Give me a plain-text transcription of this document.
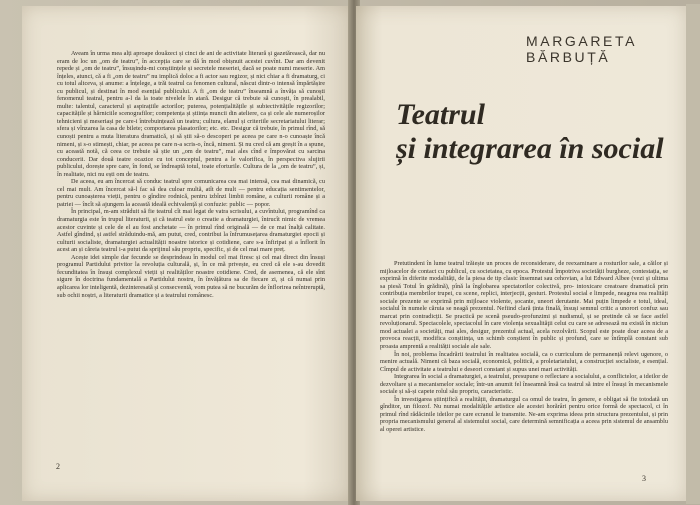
Aveam în urma mea alți aproape douăzeci și cinci de ani de activitate literară și gazetărească, dar nu eram de loc un „om de teatru”, în accepția care se dă în mod obișnuit acestei cuvînt. Dar am devenit repede și „om de teatru”, însușindu-mi conștiințele și secretele meseriei, dacă se poate numi meserie. Am înțeles, atunci, că a fi „om de teatru” nu implică doloc a fi actor sau regizor, și nici chiar a fi dramaturg, ci cu totul altceva, și anume: a înțelege, a trăi teatrul ca fenomen cultural, născut dintr-o intensă împărtășire cu publicul, și destinat în mod esențial publicului. A fi „om de teatru” înseamnă a învăța să cunoști fenomenul teatral, pentru a-l da la toate nivelele în atară. Desigur că trebuie să cunoști, în prealabil, multe: talentul, caracterul și aspirațiile actorilor; puterea, potențialitățile și subiectivitățile regizorilor; capacitățile și hărniciile scenografilor; competența și știința muncii din ateliere, ca și cele ale numeroșilor tehnicieni și meseriași pe care-i întrebuințează un teatru; cultura, elanul și criteriile secretariatului literar; sfera și vînzarea la casa de bilete; comportarea plasatorilor; etc. etc. Desigur că trebuie, în primul rînd, să cunoști pentru a muta literatura dramatică, și să știi să-o descoperi pe aceea pe care n-o cunoaște încă nimeni, și s-o stimești, chiar, pe aceea pe care n-a scris-o, încă, nimeni. Și nu cred că am greșit în a spune, cu această notă, că ceea ce trebuie să știe un „om de teatru”, mai ales cînd e împovărat cu sarcina conducerii. Dar două teatre ocazice cu tot conceptul, pentru a le valorifica, în perspectiva slujirii publicului, dorește spre care, în fond, se îndreaptă totul, toate eforturile. Cultura de la „om de teatru”, și, în realitate, nici nu ești om de teatru.

De aceea, eu am încercat să conduc teatrul spre comunicarea cea mai intensă, cea mai dinamică, cu cel mai mult. Am încercat să-l fac să dea culoar multă, atît de mult — pentru educația sentimentelor, pentru cunoașterea vieții, pentru o gîndire rodnică, pentru izbînzi limbii române, a culturii române și a patriei — încît să ajungem la această ideală echivalență și confuzie: public — popor.

În principal, m-am străduit să fie teatrul cît mai legat de vatra scrisului, a cuvîntului, programînd ca dramaturgia este în trupul literaturii, și că teatrul este o creatie a dramaturgiei, întrucît nimic de vremea acestor cuvinte și cele de el au fost anchetate — în primul rînd originală — de ce mai înalță calitate. Astfel gîndind, și astfel străduindu-mă, am putut, cred, contribui la înfrumusețarea dramaturgiei epocii și culturii socialiste, dramaturgiei actualității noastre istorice și cotidiene, care s-a înfiripat și a înflorit în acest an și căreia teatrul i-a putut da sprijinul său propriu, specific, și de cel mai mare preț.

Acește idei simple dar fecunde se desprindeau în modul cel mai firesc și cel mai direct din însuși programul Partidului privitor la revoluția culturală, și, în ce mă privește, eu cred că ele s-au dovedit fecunditatea în însuși complexul vieții și realităților noastre cotidiene. Cred, de asemenea, că ele sînt sigure în doctrina fundamentală a Partidului nostru, în învățătura sa de fiecare zi, și că numai prin aplicarea lor inteligentă, dezinteresată și consecventă, vom putea să ne bucurăm de înflorirea neîntreruptă, sub ochii noștri, a literaturii dramatice și a teatrului românesc.

2
MARGARETA
BĂRBUȚĂ
Teatrul
și integrarea în social

Pretutindeni în lume teatrul trăiește un proces de reconsiderare, de reexaminare a rosturilor sale, a căilor și mijloacelor de contact cu publicul, cu societatea, cu epoca. Protestul împotriva societății burgheze, contestația, se exprimă în diferite modalități, de la piesa de tip clasic însemnat sau cehovian, a lui Edward Albee (vezi și ultima sa piesă Totul în grădină), pînă la înglobarea spectatorilor colectivă, pro- intoxicare creatoare dramatică prin contribuția membrilor trupei, cu scene, replici, interjecții, gesturi. Protestul social e limpede, neagrea rea realități sociale prezente se exprimă prin mijloace violente, șocante, uneori derutante. Mai puțin limpede e totul, ideal, socialul în numele căruia se neagă prezentul. Nefiind clară ținta finală, însuși semnul critic a unorori confuz sau marcat prin contradicții. Se practică pe scenă pseudo-profunzimi și nudismul, și se pretinde că se face astfel revoluționarul. Spectacolele, spectacolul în care violența sexualităţii celui cu care se adresează nu există în niciun mod actualei a societăți, mai ales, desigur, prezentul actual, acela rezolvării. Scopul este poate doar aceea de a provoca reacții, modifica conștiința, un schimb conștient în public și profund, care se întîmplă constant sub proasta amprentă a realității sociale ale sale.

În noi, problema încadrării teatrului în realitatea socială, ca o curriculum de permanență relevi ugenore, o menire actuală. Nimeni că baza socială, economică, politică, a proletariatului, a construcției socialiste, e esențial. Cîmpul de activitate a teatrului e deseori constant și supus unei mari activități.

Integrarea în social a dramaturgiei, a teatrului, presupune o reflectare a socialului, a conflictelor, a ideilor de dezvoltare și a mecanismelor sociale; într-un anumit fel înseamnă însă ca teatrul să intre el însuși în mecanismele sociale și să-și capete rolul său propriu, caracteristic.

În investigarea științifică a realității, dramaturgul ca omul de teatru, în genere, e obligat să fie totodată un gînditor, un filozof. Nu numai modalitățile artistice ale acestei horărâri pentru orice formă de spectacol, ci în primul rînd rădăcinile ideilor pe care ecranul le transmite. Ne-am exprima ideea prin structura prezentului, și prin propria mecanismului general al sistemului social, care determină semnificația a aceea prin sistemul de ansamblu al operei artistice.

3
